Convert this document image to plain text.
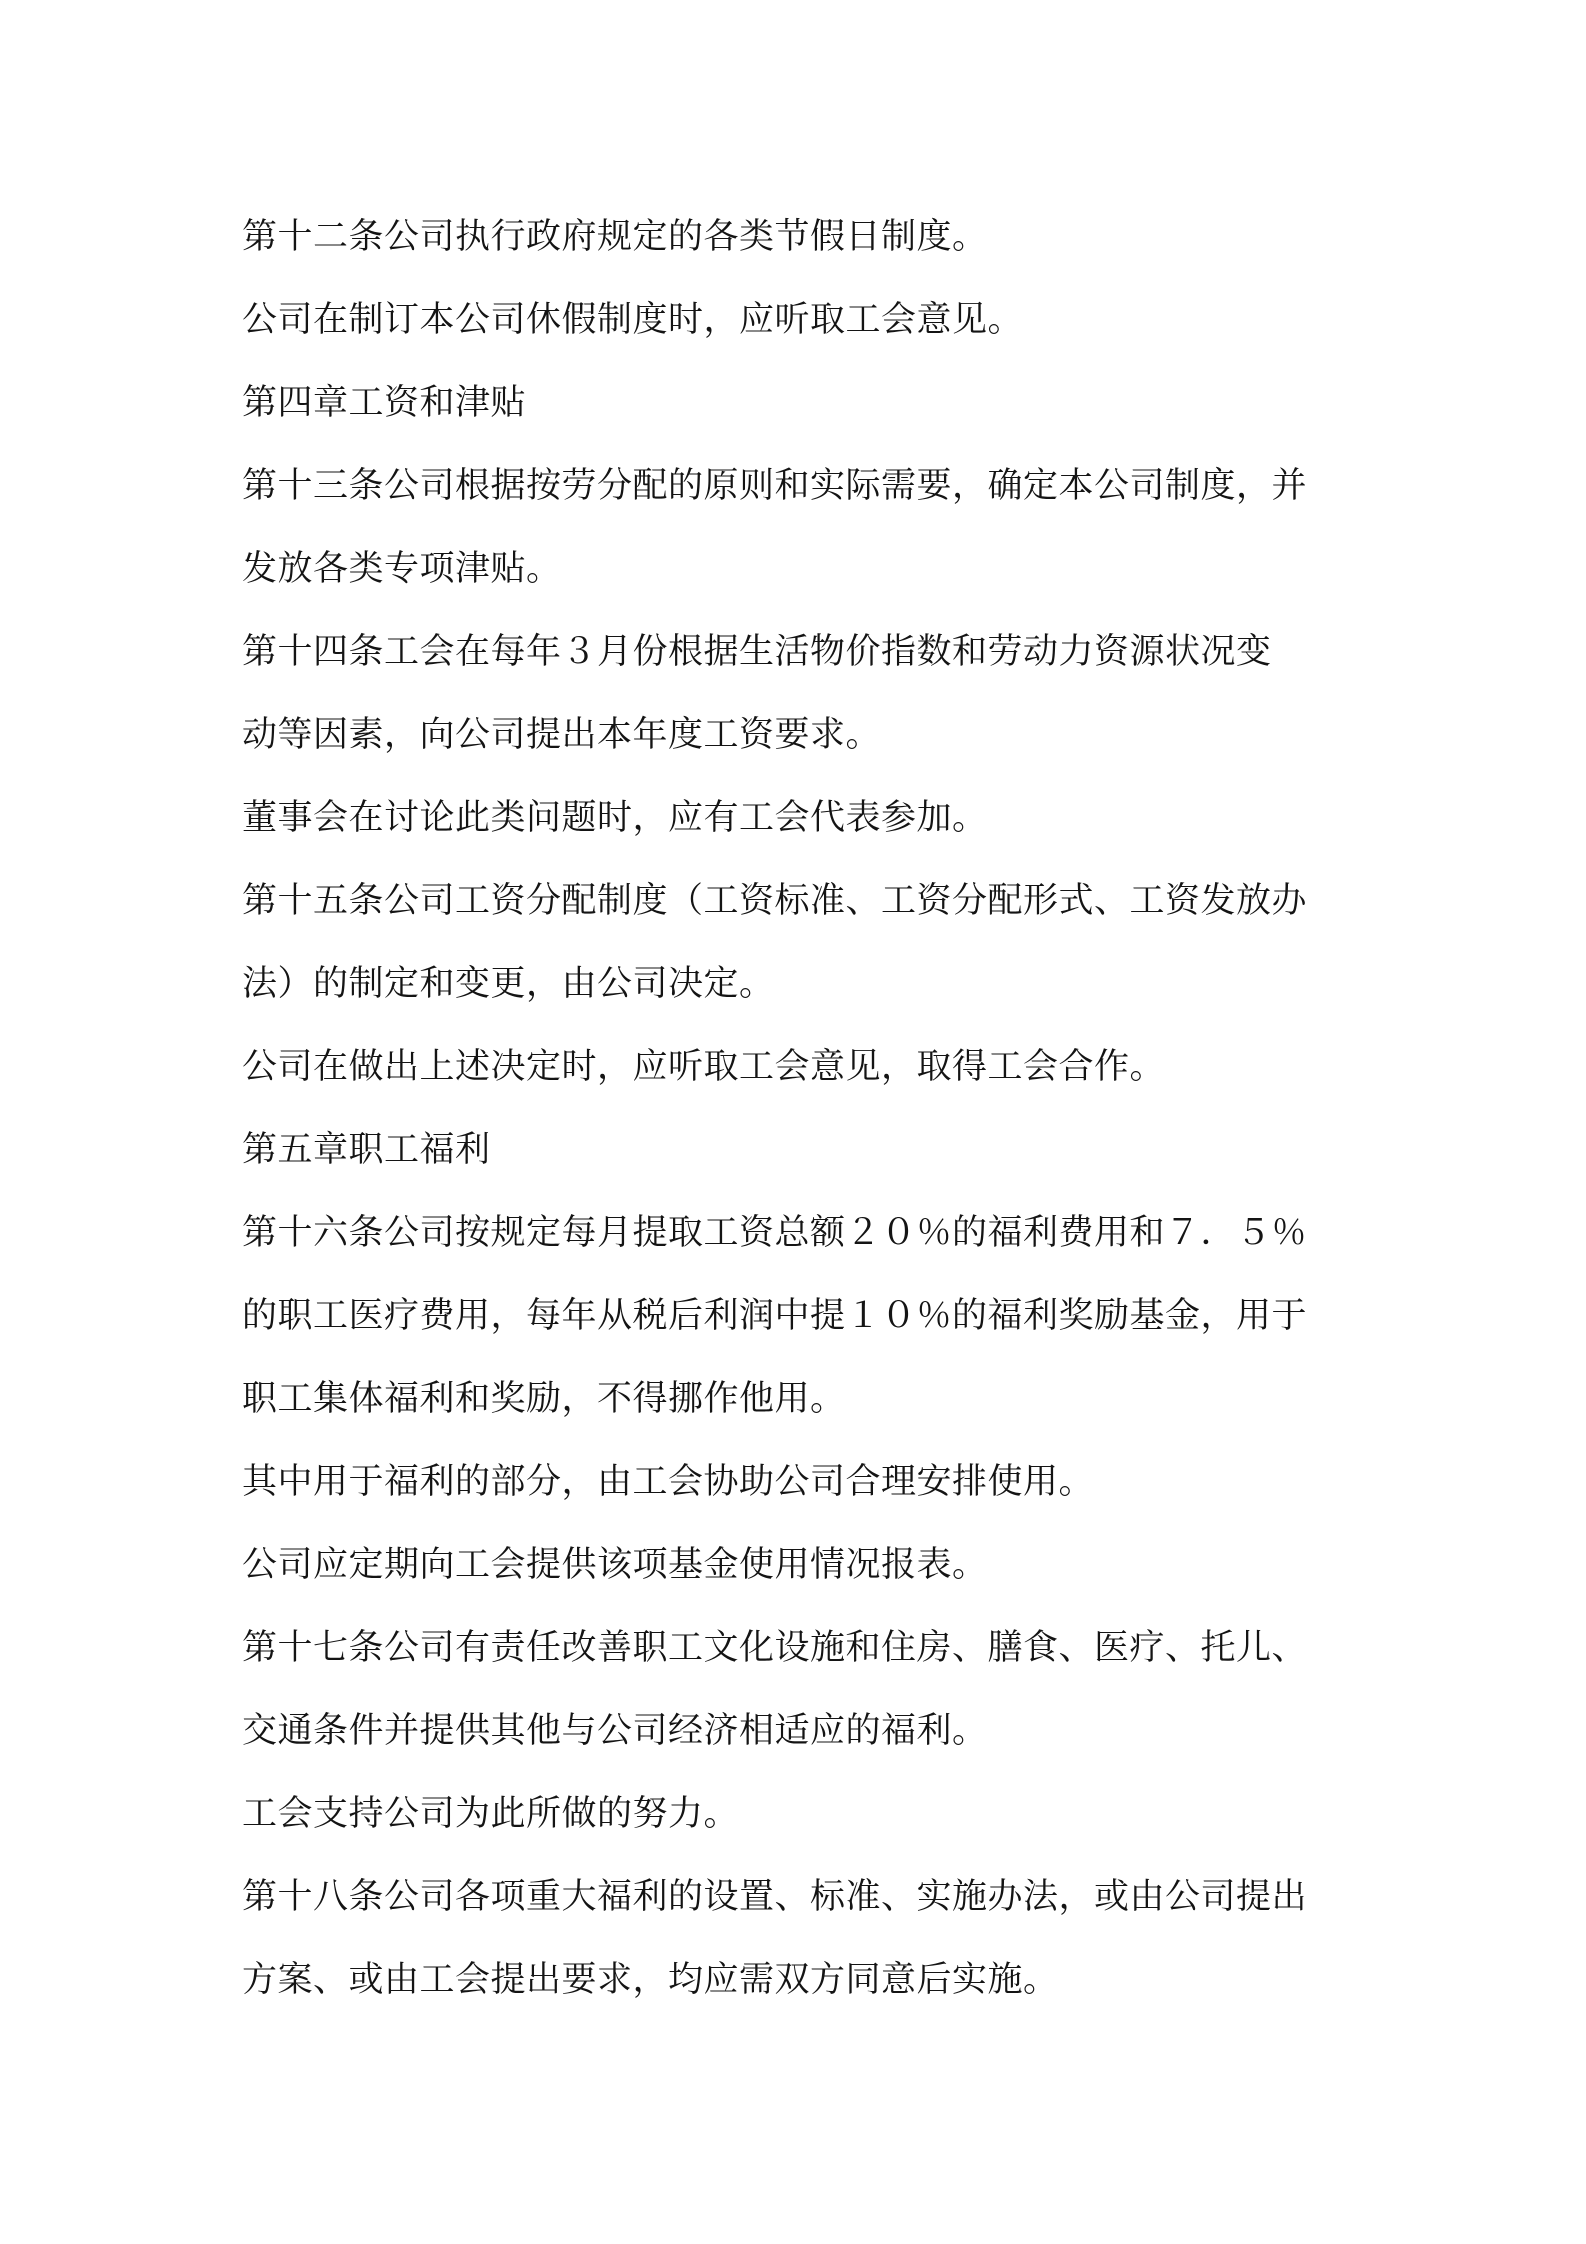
第十二条公司执行政府规定的各类节假日制度。

公司在制订本公司休假制度时，应听取工会意见。

第四章工资和津贴

第十三条公司根据按劳分配的原则和实际需要，确定本公司制度，并

发放各类专项津贴。

第十四条工会在每年３月份根据生活物价指数和劳动力资源状况变

动等因素，向公司提出本年度工资要求。

董事会在讨论此类问题时，应有工会代表参加。

第十五条公司工资分配制度（工资标准、工资分配形式、工资发放办

法）的制定和变更，由公司决定。

公司在做出上述决定时，应听取工会意见，取得工会合作。

第五章职工福利

第十六条公司按规定每月提取工资总额２０％的福利费用和７．５％

的职工医疗费用，每年从税后利润中提１０％的福利奖励基金，用于

职工集体福利和奖励，不得挪作他用。

其中用于福利的部分，由工会协助公司合理安排使用。

公司应定期向工会提供该项基金使用情况报表。

第十七条公司有责任改善职工文化设施和住房、膳食、医疗、托儿、

交通条件并提供其他与公司经济相适应的福利。

工会支持公司为此所做的努力。

第十八条公司各项重大福利的设置、标准、实施办法，或由公司提出

方案、或由工会提出要求，均应需双方同意后实施。
